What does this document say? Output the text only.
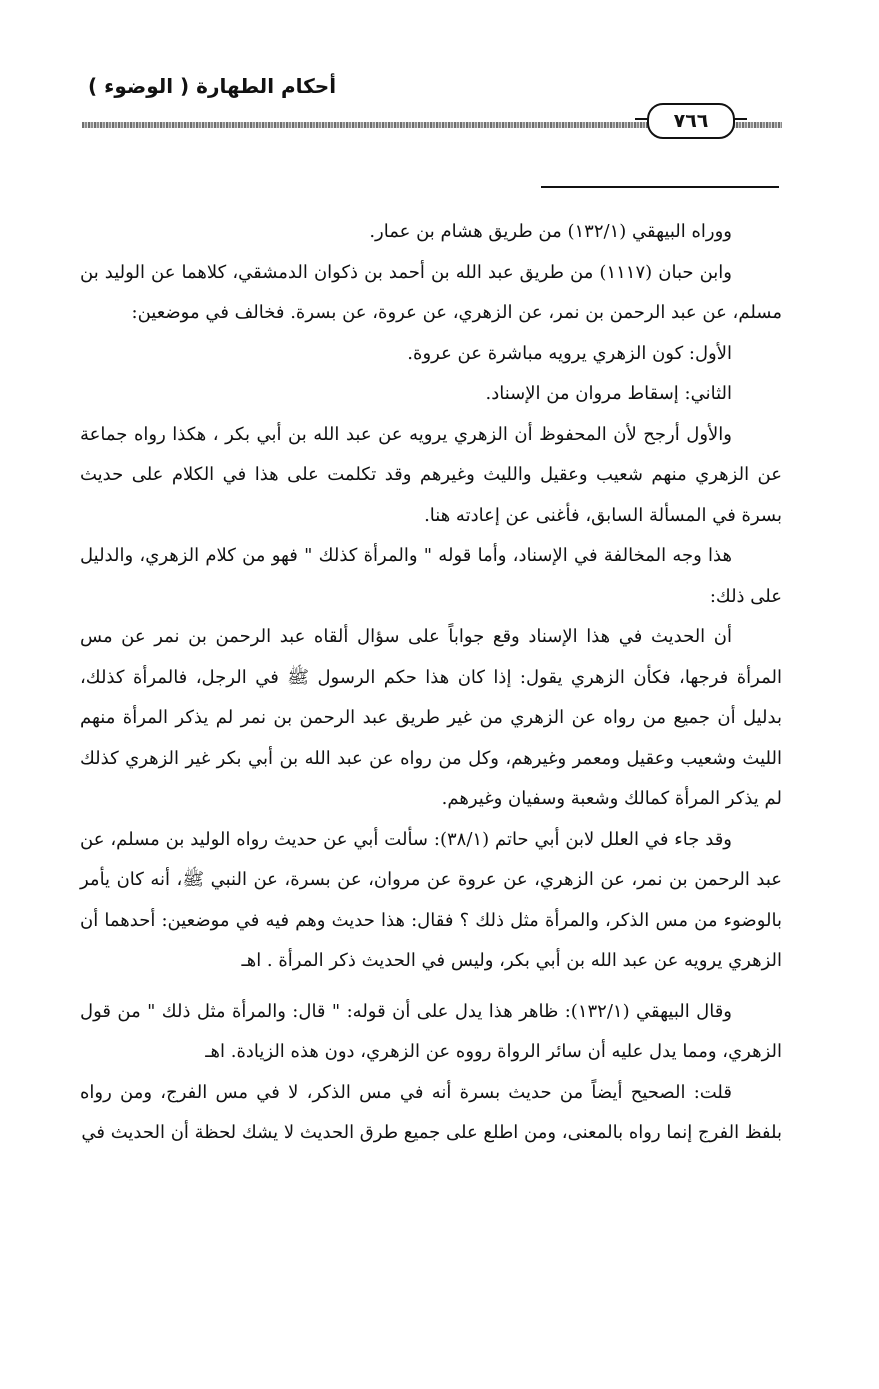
أحكام الطهارة ( الوضوء )
٧٦٦

ووراه البيهقي (١٣٢/١) من طريق هشام بن عمار.

وابن حبان (١١١٧) من طريق عبد الله بن أحمد بن ذكوان الدمشقي، كلاهما عن الوليد بن مسلم، عن عبد الرحمن بن نمر، عن الزهري، عن عروة، عن بسرة. فخالف في موضعين:

الأول: كون الزهري يرويه مباشرة عن عروة.

الثاني: إسقاط مروان من الإسناد.

والأول أرجح لأن المحفوظ أن الزهري يرويه عن عبد الله بن أبي بكر ، هكذا رواه جماعة عن الزهري منهم شعيب وعقيل والليث وغيرهم وقد تكلمت على هذا في الكلام على حديث بسرة في المسألة السابق، فأغنى عن إعادته هنا.

هذا وجه المخالفة في الإسناد، وأما قوله " والمرأة كذلك " فهو من كلام الزهري، والدليل على ذلك:

أن الحديث في هذا الإسناد وقع جواباً على سؤال ألقاه عبد الرحمن بن نمر عن مس المرأة فرجها، فكأن الزهري يقول: إذا كان هذا حكم الرسول ﷺ في الرجل، فالمرأة كذلك، بدليل أن جميع من رواه عن الزهري من غير طريق عبد الرحمن بن نمر لم يذكر المرأة منهم الليث وشعيب وعقيل ومعمر وغيرهم، وكل من رواه عن عبد الله بن أبي بكر غير الزهري كذلك لم يذكر المرأة كمالك وشعبة وسفيان وغيرهم.

وقد جاء في العلل لابن أبي حاتم (٣٨/١): سألت أبي عن حديث رواه الوليد بن مسلم، عن عبد الرحمن بن نمر، عن الزهري، عن عروة عن مروان، عن بسرة، عن النبي ﷺ، أنه كان يأمر بالوضوء من مس الذكر، والمرأة مثل ذلك ؟ فقال: هذا حديث وهم فيه في موضعين: أحدهما أن الزهري يرويه عن عبد الله بن أبي بكر، وليس في الحديث ذكر المرأة . اهـ

وقال البيهقي (١٣٢/١): ظاهر هذا يدل على أن قوله: " قال: والمرأة مثل ذلك " من قول الزهري، ومما يدل عليه أن سائر الرواة رووه عن الزهري، دون هذه الزيادة. اهـ

قلت: الصحيح أيضاً من حديث بسرة أنه في مس الذكر، لا في مس الفرج، ومن رواه بلفظ الفرج إنما رواه بالمعنى، ومن اطلع على جميع طرق الحديث لا يشك لحظة أن الحديث في
